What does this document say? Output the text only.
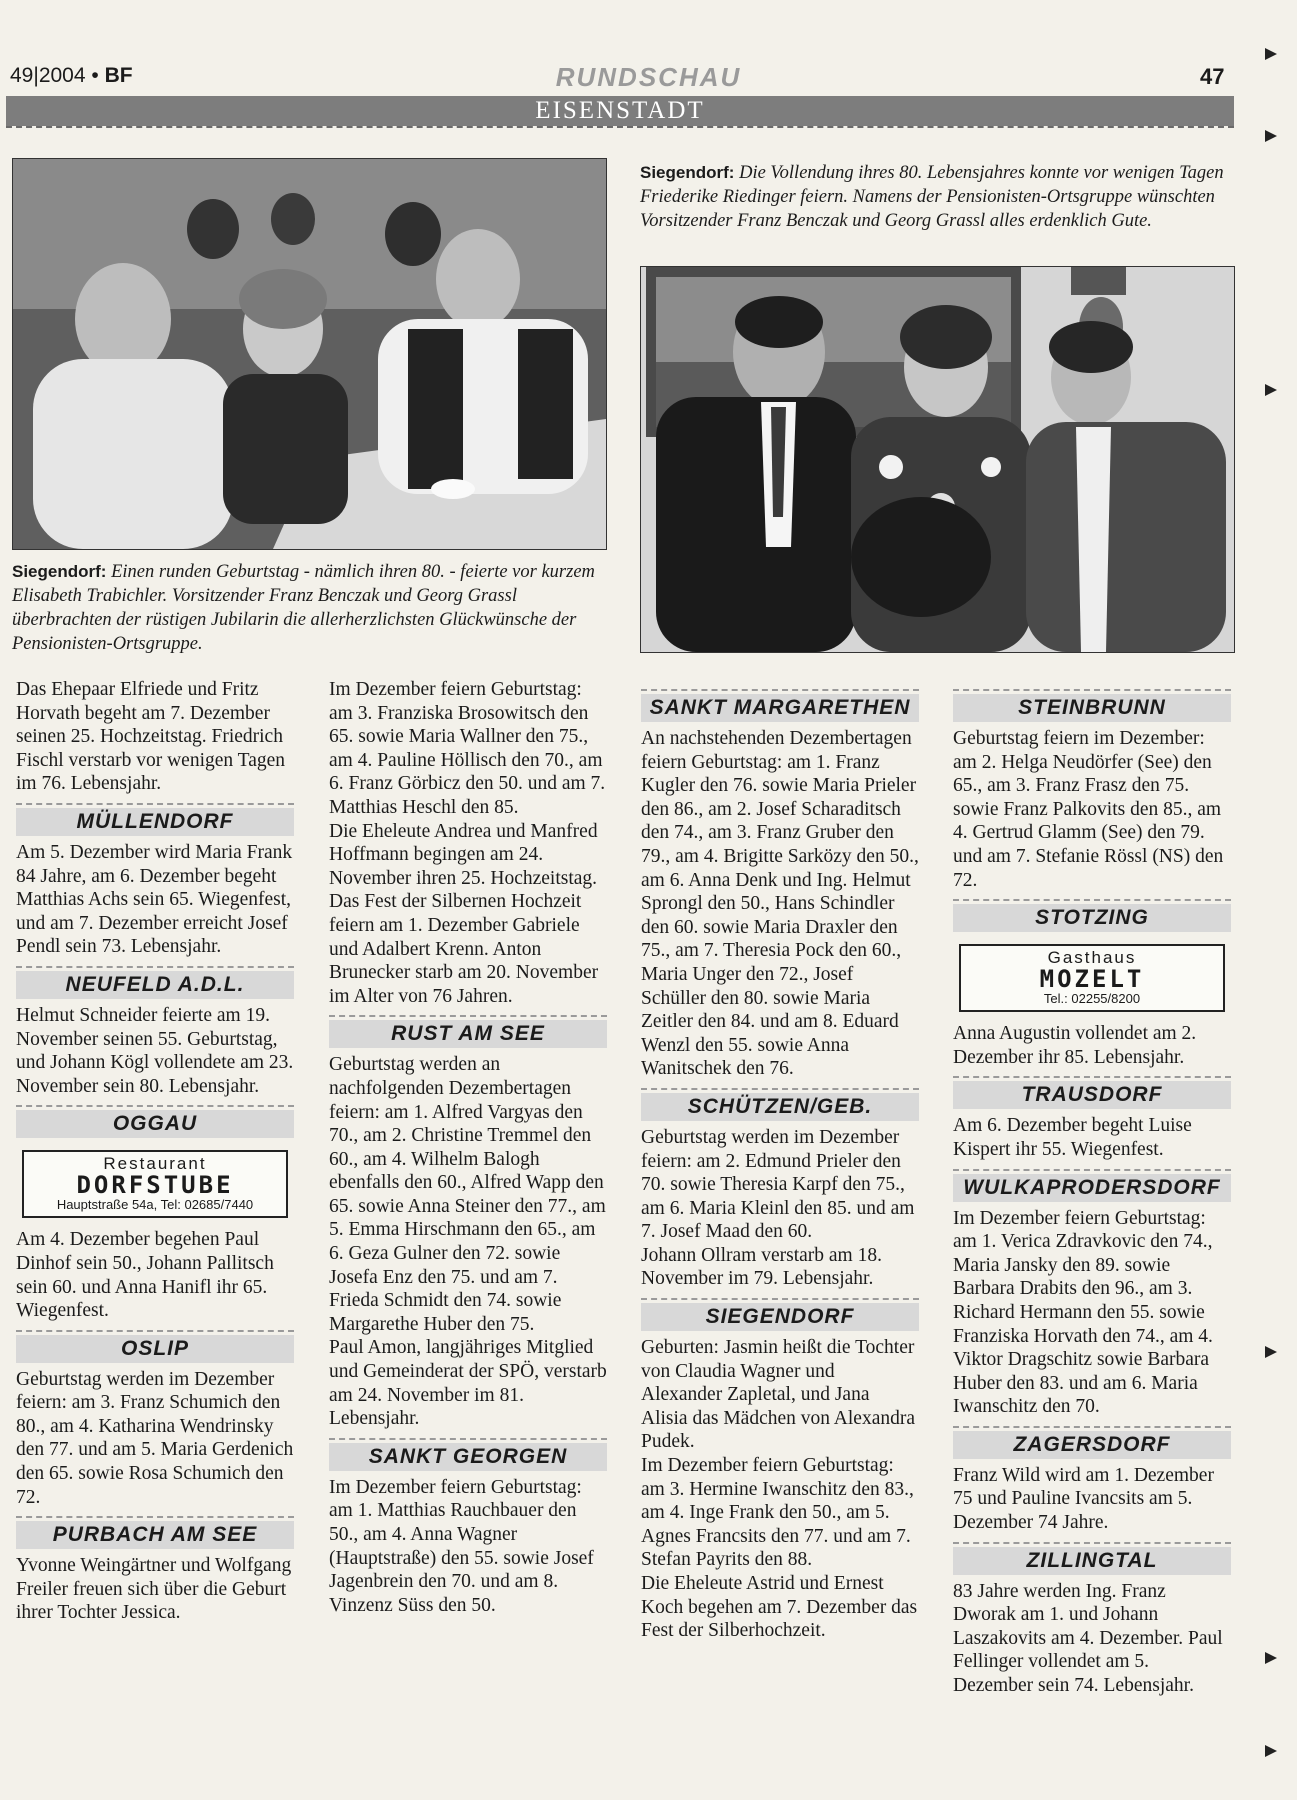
49|2004 • BF	RUNDSCHAU	47
EISENSTADT
Siegendorf: Die Vollendung ihres 80. Lebensjahres konnte vor wenigen Tagen Friederike Riedinger feiern. Namens der Pensionisten-Ortsgruppe wünschten Vorsitzender Franz Benczak und Georg Grassl alles erdenklich Gute.
Siegendorf: Einen runden Geburtstag - nämlich ihren 80. - feierte vor kurzem Elisabeth Trabichler. Vorsitzender Franz Benczak und Georg Grassl überbrachten der rüstigen Jubilarin die allerherzlichsten Glückwünsche der Pensionisten-Ortsgruppe.

Das Ehepaar Elfriede und Fritz Horvath begeht am 7. Dezember seinen 25. Hochzeitstag. Friedrich Fischl verstarb vor wenigen Tagen im 76. Lebensjahr.

MÜLLENDORF

Am 5. Dezember wird Maria Frank 84 Jahre, am 6. Dezember begeht Matthias Achs sein 65. Wiegenfest, und am 7. Dezember erreicht Josef Pendl sein 73. Lebensjahr.

NEUFELD A.D.L.

Helmut Schneider feierte am 19. November seinen 55. Geburtstag, und Johann Kögl vollendete am 23. November sein 80. Lebensjahr.

OGGAU
Restaurant
DORFSTUBE
Hauptstraße 54a, Tel: 02685/7440

Am 4. Dezember begehen Paul Dinhof sein 50., Johann Pallitsch sein 60. und Anna Hanifl ihr 65. Wiegenfest.

OSLIP

Geburtstag werden im Dezember feiern: am 3. Franz Schumich den 80., am 4. Katharina Wendrinsky den 77. und am 5. Maria Gerdenich den 65. sowie Rosa Schumich den 72.

PURBACH AM SEE

Yvonne Weingärtner und Wolfgang Freiler freuen sich über die Geburt ihrer Tochter Jessica.

Im Dezember feiern Geburtstag: am 3. Franziska Brosowitsch den 65. sowie Maria Wallner den 75., am 4. Pauline Höllisch den 70., am 6. Franz Görbicz den 50. und am 7. Matthias Heschl den 85.

Die Eheleute Andrea und Manfred Hoffmann begingen am 24. November ihren 25. Hochzeitstag.

Das Fest der Silbernen Hochzeit feiern am 1. Dezember Gabriele und Adalbert Krenn. Anton Brunecker starb am 20. November im Alter von 76 Jahren.

RUST AM SEE

Geburtstag werden an nachfolgenden Dezembertagen feiern: am 1. Alfred Vargyas den 70., am 2. Christine Tremmel den 60., am 4. Wilhelm Balogh ebenfalls den 60., Alfred Wapp den 65. sowie Anna Steiner den 77., am 5. Emma Hirschmann den 65., am 6. Geza Gulner den 72. sowie Josefa Enz den 75. und am 7. Frieda Schmidt den 74. sowie Margarethe Huber den 75.

Paul Amon, langjähriges Mitglied und Gemeinderat der SPÖ, verstarb am 24. November im 81. Lebensjahr.

SANKT GEORGEN

Im Dezember feiern Geburtstag: am 1. Matthias Rauchbauer den 50., am 4. Anna Wagner (Hauptstraße) den 55. sowie Josef Jagenbrein den 70. und am 8. Vinzenz Süss den 50.

SANKT MARGARETHEN

An nachstehenden Dezembertagen feiern Geburtstag: am 1. Franz Kugler den 76. sowie Maria Prieler den 86., am 2. Josef Scharaditsch den 74., am 3. Franz Gruber den 79., am 4. Brigitte Sarközy den 50., am 6. Anna Denk und Ing. Helmut Sprongl den 50., Hans Schindler den 60. sowie Maria Draxler den 75., am 7. Theresia Pock den 60., Maria Unger den 72., Josef Schüller den 80. sowie Maria Zeitler den 84. und am 8. Eduard Wenzl den 55. sowie Anna Wanitschek den 76.

SCHÜTZEN/GEB.

Geburtstag werden im Dezember feiern: am 2. Edmund Prieler den 70. sowie Theresia Karpf den 75., am 6. Maria Kleinl den 85. und am 7. Josef Maad den 60.

Johann Ollram verstarb am 18. November im 79. Lebensjahr.

SIEGENDORF

Geburten: Jasmin heißt die Tochter von Claudia Wagner und Alexander Zapletal, und Jana Alisia das Mädchen von Alexandra Pudek.

Im Dezember feiern Geburtstag: am 3. Hermine Iwanschitz den 83., am 4. Inge Frank den 50., am 5. Agnes Francsits den 77. und am 7. Stefan Payrits den 88.

Die Eheleute Astrid und Ernest Koch begehen am 7. Dezember das Fest der Silberhochzeit.

STEINBRUNN

Geburtstag feiern im Dezember: am 2. Helga Neudörfer (See) den 65., am 3. Franz Frasz den 75. sowie Franz Palkovits den 85., am 4. Gertrud Glamm (See) den 79. und am 7. Stefanie Rössl (NS) den 72.

STOTZING
Gasthaus
MOZELT
Tel.: 02255/8200

Anna Augustin vollendet am 2. Dezember ihr 85. Lebensjahr.

TRAUSDORF

Am 6. Dezember begeht Luise Kispert ihr 55. Wiegenfest.

WULKAPRODERSDORF

Im Dezember feiern Geburtstag: am 1. Verica Zdravkovic den 74., Maria Jansky den 89. sowie Barbara Drabits den 96., am 3. Richard Hermann den 55. sowie Franziska Horvath den 74., am 4. Viktor Dragschitz sowie Barbara Huber den 83. und am 6. Maria Iwanschitz den 70.

ZAGERSDORF

Franz Wild wird am 1. Dezember 75 und Pauline Ivancsits am 5. Dezember 74 Jahre.

ZILLINGTAL

83 Jahre werden Ing. Franz Dworak am 1. und Johann Laszakovits am 4. Dezember. Paul Fellinger vollendet am 5. Dezember sein 74. Lebensjahr.
